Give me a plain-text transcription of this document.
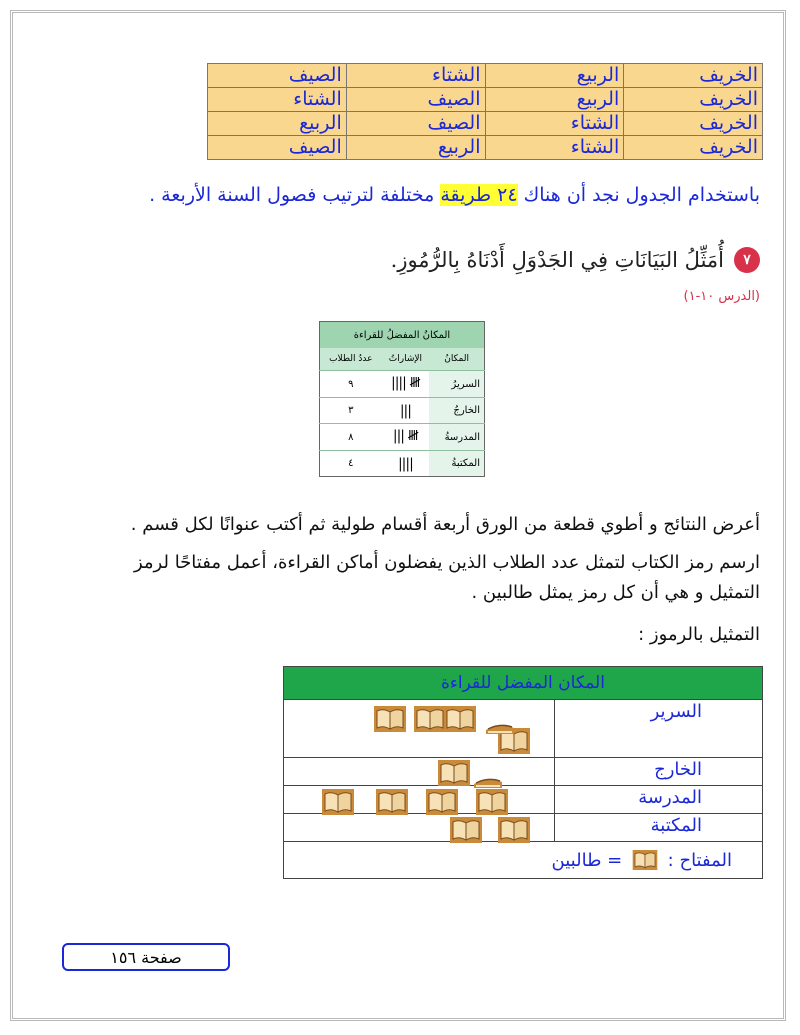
الخريف	الربيع	الشتاء	الصيف
الخريف	الربيع	الصيف	الشتاء
الخريف	الشتاء	الصيف	الربيع
الخريف	الشتاء	الربيع	الصيف
باستخدام الجدول نجد أن هناك ٢٤ طريقة مختلفة لترتيب فصول السنة الأربعة .
٧
أُمَثِّلُ البَيَانَاتِ فِي الجَدْوَلِ أَدْنَاهُ بِالرُّمُوزِ.
(الدرس ١٠-١)
المكانُ المفضلُ للقراءة		
المكانُ	الإشاراتُ	عددُ الطلاب
السريرُ	𝍸 ||||	٩
الخارجُ	|||	٣
المدرسةُ	𝍸 |||	٨
المكتبةُ	||||	٤
أعرض النتائج و أطوي قطعة من الورق أربعة أقسام طولية ثم أكتب عنوانًا لكل قسم .
ارسم رمز الكتاب لتمثل عدد الطلاب الذين يفضلون أماكن القراءة، أعمل مفتاحًا لرمز
التمثيل و هي أن كل رمز يمثل طالبين .
التمثيل بالرموز :
المكان المفضل للقراءة	
السرير	

الخارج	

المدرسة	

المكتبة	

المفتاح :
= طالبين	
صفحة ١٥٦
